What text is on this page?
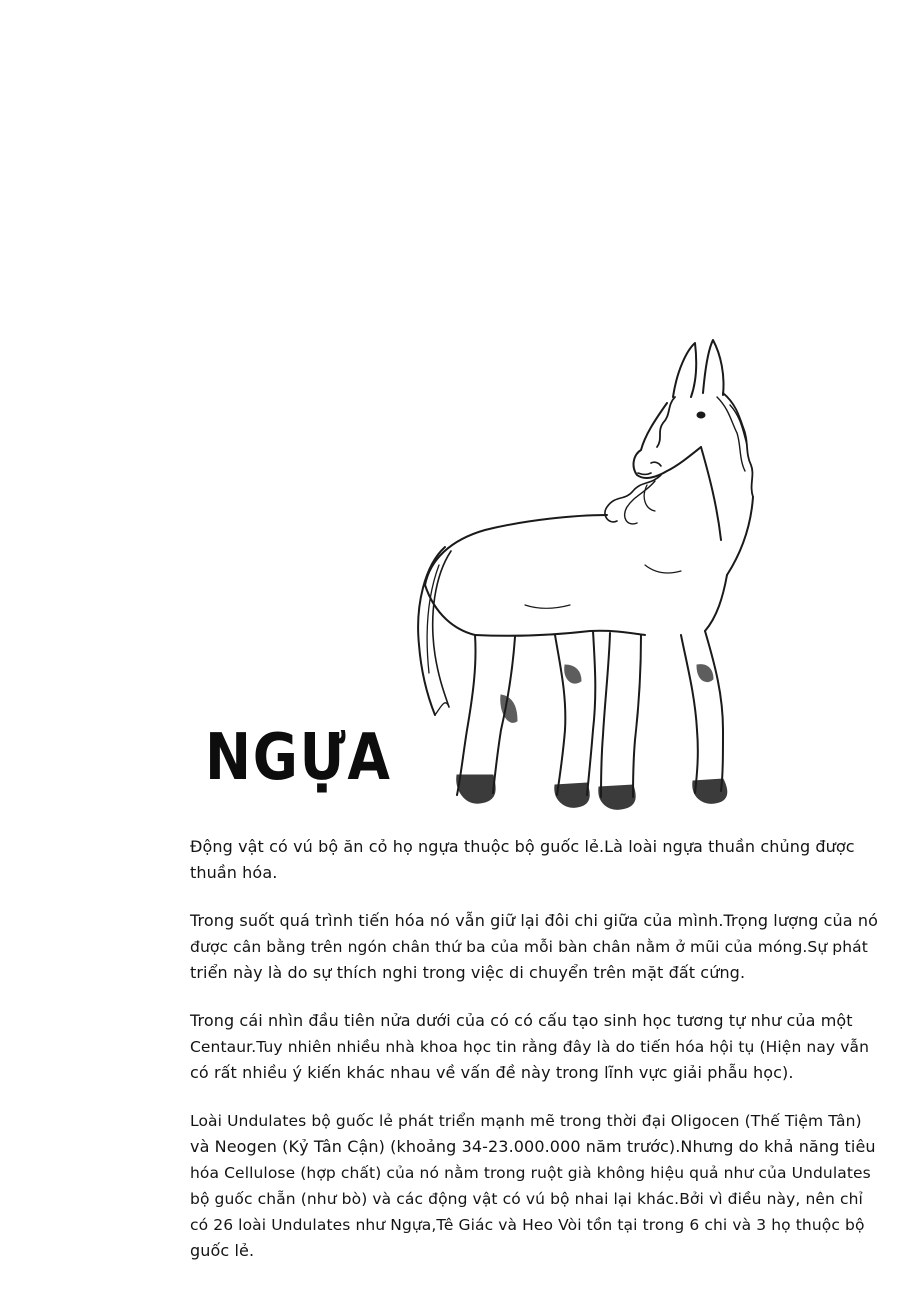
NGỰA

Động vật có vú bộ ăn cỏ họ ngựa thuộc bộ guốc lẻ.Là loài ngựa thuần chủng được
thuần hóa.

Trong suốt quá trình tiến hóa nó vẫn giữ lại đôi chi giữa của mình.Trọng lượng của nó
được cân bằng trên ngón chân thứ ba của mỗi bàn chân nằm ở mũi của móng.Sự phát
triển này là do sự thích nghi trong việc di chuyển trên mặt đất cứng.

Trong cái nhìn đầu tiên nửa dưới của có có cấu tạo sinh học tương tự như của một
Centaur.Tuy nhiên nhiều nhà khoa học tin rằng đây là do tiến hóa hội tụ (Hiện nay vẫn
có rất nhiều ý kiến khác nhau về vấn đề này trong lĩnh vực giải phẫu học).

Loài Undulates bộ guốc lẻ phát triển mạnh mẽ trong thời đại Oligocen (Thế Tiệm Tân)
và Neogen (Kỷ Tân Cận) (khoảng 34-23.000.000 năm trước).Nhưng do khả năng tiêu
hóa Cellulose (hợp chất) của nó nằm trong ruột già không hiệu quả như của Undulates
bộ guốc chẵn (như bò) và các động vật có vú bộ nhai lại khác.Bởi vì điều này, nên chỉ
có 26 loài Undulates như Ngựa,Tê Giác và Heo Vòi tồn tại trong 6 chi và 3 họ thuộc bộ
guốc lẻ.
